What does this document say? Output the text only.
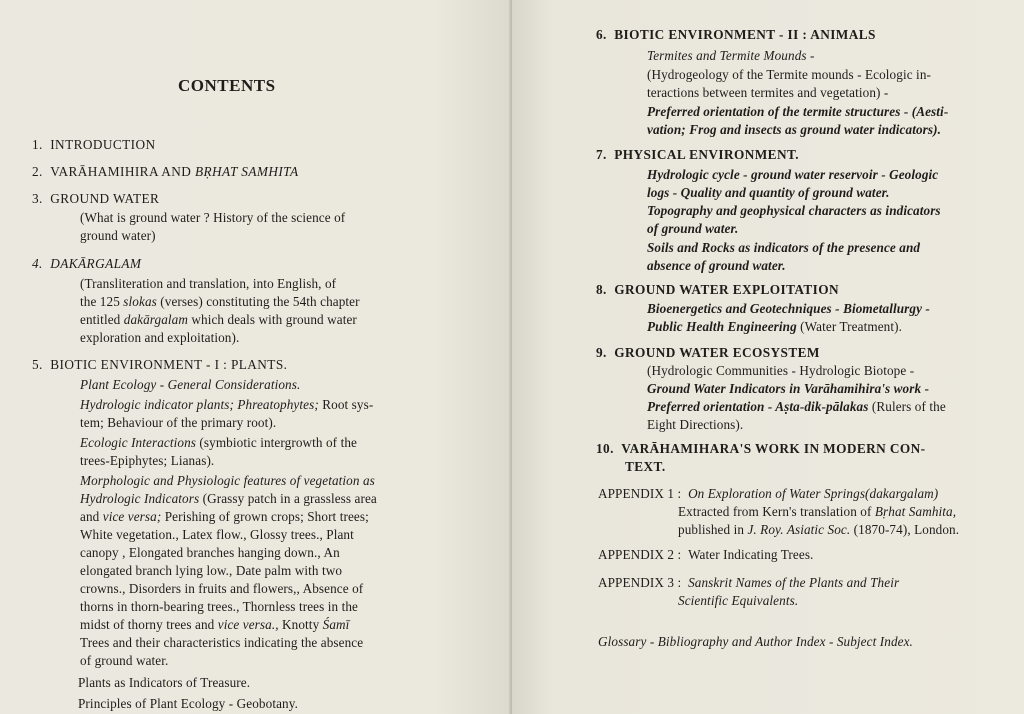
CONTENTS
1. INTRODUCTION
2. VARĀHAMIHIRA AND BṚHAT SAMHITA
3. GROUND WATER
(What is ground water ? History of the science of
ground water)
4. DAKĀRGALAM
(Transliteration and translation, into English, of
the 125 slokas (verses) constituting the 54th chapter
entitled dakārgalam which deals with ground water
exploration and exploitation).
5. BIOTIC ENVIRONMENT - I : PLANTS.
Plant Ecology - General Considerations.
Hydrologic indicator plants; Phreatophytes; Root sys-
tem; Behaviour of the primary root).
Ecologic Interactions (symbiotic intergrowth of the
trees-Epiphytes; Lianas).
Morphologic and Physiologic features of vegetation as
Hydrologic Indicators (Grassy patch in a grassless area
and vice versa; Perishing of grown crops; Short trees;
White vegetation., Latex flow., Glossy trees., Plant
canopy , Elongated branches hanging down., An
elongated branch lying low., Date palm with two
crowns., Disorders in fruits and flowers,, Absence of
thorns in thorn-bearing trees., Thornless trees in the
midst of thorny trees and vice versa., Knotty Śamī
Trees and their characteristics indicating the absence
of ground water.
Plants as Indicators of Treasure.
Principles of Plant Ecology - Geobotany.
6. BIOTIC ENVIRONMENT - II : ANIMALS
Termites and Termite Mounds -
(Hydrogeology of the Termite mounds - Ecologic in-
teractions between termites and vegetation) -
Preferred orientation of the termite structures - (Aesti-
vation; Frog and insects as ground water indicators).
7. PHYSICAL ENVIRONMENT.
Hydrologic cycle - ground water reservoir - Geologic
logs - Quality and quantity of ground water.
Topography and geophysical characters as indicators
of ground water.
Soils and Rocks as indicators of the presence and
absence of ground water.
8. GROUND WATER EXPLOITATION
Bioenergetics and Geotechniques - Biometallurgy -
Public Health Engineering (Water Treatment).
9. GROUND WATER ECOSYSTEM
(Hydrologic Communities - Hydrologic Biotope -
Ground Water Indicators in Varāhamihira's work -
Preferred orientation - Aṣta-dik-pālakas (Rulers of the
Eight Directions).
10. VARĀHAMIHARA'S WORK IN MODERN CON-
TEXT.
APPENDIX 1 : On Exploration of Water Springs(dakargalam)
Extracted from Kern's translation of Bṛhat Samhita,
published in J. Roy. Asiatic Soc. (1870-74), London.
APPENDIX 2 : Water Indicating Trees.
APPENDIX 3 : Sanskrit Names of the Plants and Their
Scientific Equivalents.
Glossary - Bibliography and Author Index - Subject Index.
